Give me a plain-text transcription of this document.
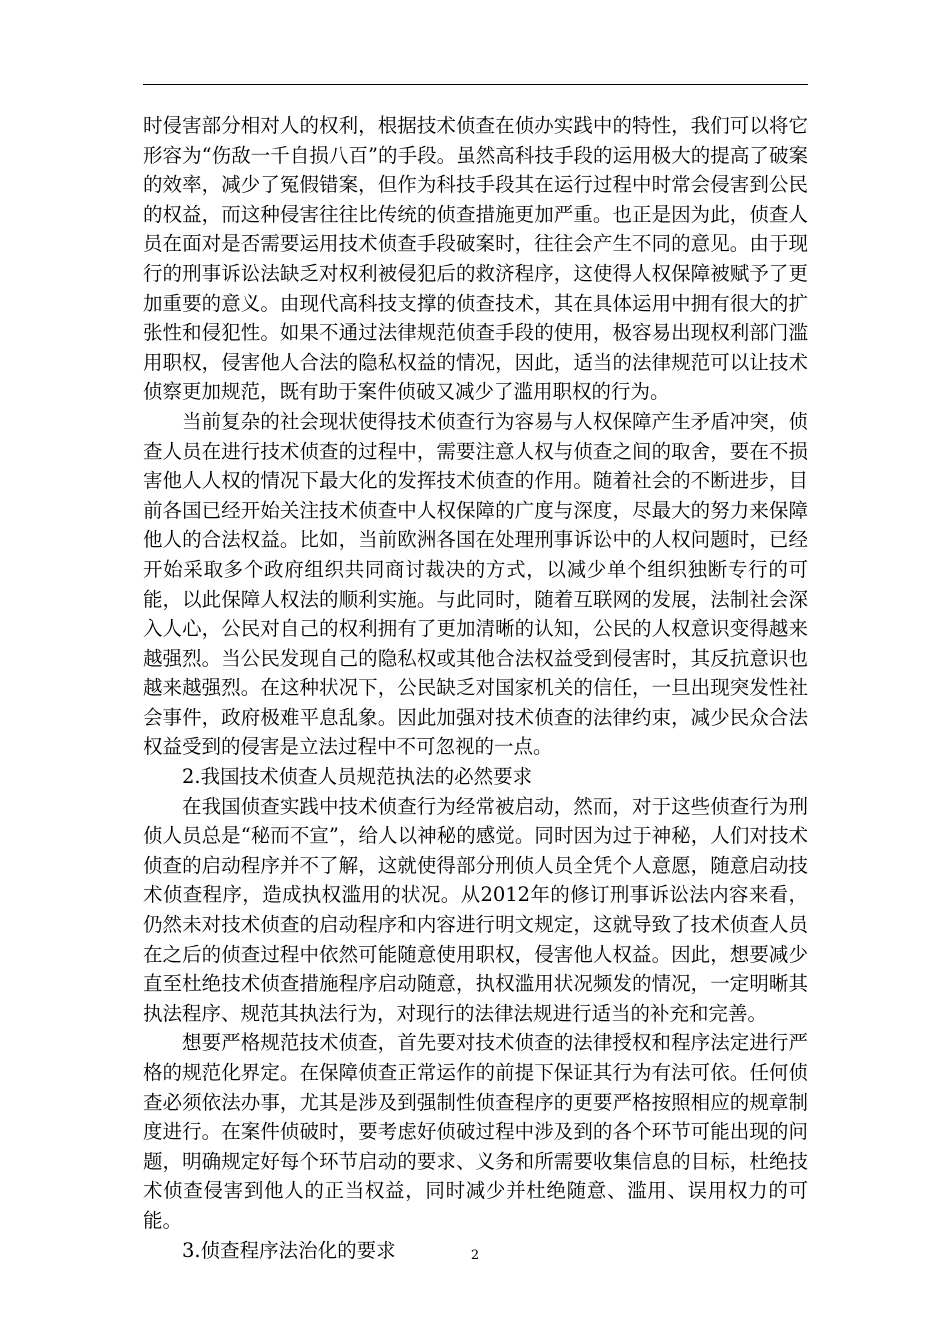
时侵害部分相对人的权利，根据技术侦查在侦办实践中的特性，我们可以将它形容为“伤敌一千自损八百”的手段。虽然高科技手段的运用极大的提高了破案的效率，减少了冤假错案，但作为科技手段其在运行过程中时常会侵害到公民的权益，而这种侵害往往比传统的侦查措施更加严重。也正是因为此，侦查人员在面对是否需要运用技术侦查手段破案时，往往会产生不同的意见。由于现行的刑事诉讼法缺乏对权利被侵犯后的救济程序，这使得人权保障被赋予了更加重要的意义。由现代高科技支撑的侦查技术，其在具体运用中拥有很大的扩张性和侵犯性。如果不通过法律规范侦查手段的使用，极容易出现权利部门滥用职权，侵害他人合法的隐私权益的情况，因此，适当的法律规范可以让技术侦察更加规范，既有助于案件侦破又减少了滥用职权的行为。

当前复杂的社会现状使得技术侦查行为容易与人权保障产生矛盾冲突，侦查人员在进行技术侦查的过程中，需要注意人权与侦查之间的取舍，要在不损害他人人权的情况下最大化的发挥技术侦查的作用。随着社会的不断进步，目前各国已经开始关注技术侦查中人权保障的广度与深度，尽最大的努力来保障他人的合法权益。比如，当前欧洲各国在处理刑事诉讼中的人权问题时，已经开始采取多个政府组织共同商讨裁决的方式，以减少单个组织独断专行的可能，以此保障人权法的顺利实施。与此同时，随着互联网的发展，法制社会深入人心，公民对自己的权利拥有了更加清晰的认知，公民的人权意识变得越来越强烈。当公民发现自己的隐私权或其他合法权益受到侵害时，其反抗意识也越来越强烈。在这种状况下，公民缺乏对国家机关的信任，一旦出现突发性社会事件，政府极难平息乱象。因此加强对技术侦查的法律约束，减少民众合法权益受到的侵害是立法过程中不可忽视的一点。

2.我国技术侦查人员规范执法的必然要求

在我国侦查实践中技术侦查行为经常被启动，然而，对于这些侦查行为刑侦人员总是“秘而不宣”，给人以神秘的感觉。同时因为过于神秘，人们对技术侦查的启动程序并不了解，这就使得部分刑侦人员全凭个人意愿，随意启动技术侦查程序，造成执权滥用的状况。从2012年的修订刑事诉讼法内容来看，仍然未对技术侦查的启动程序和内容进行明文规定，这就导致了技术侦查人员在之后的侦查过程中依然可能随意使用职权，侵害他人权益。因此，想要减少直至杜绝技术侦查措施程序启动随意，执权滥用状况频发的情况，一定明晰其执法程序、规范其执法行为，对现行的法律法规进行适当的补充和完善。

想要严格规范技术侦查，首先要对技术侦查的法律授权和程序法定进行严格的规范化界定。在保障侦查正常运作的前提下保证其行为有法可依。任何侦查必须依法办事，尤其是涉及到强制性侦查程序的更要严格按照相应的规章制度进行。在案件侦破时，要考虑好侦破过程中涉及到的各个环节可能出现的问题，明确规定好每个环节启动的要求、义务和所需要收集信息的目标，杜绝技术侦查侵害到他人的正当权益，同时减少并杜绝随意、滥用、误用权力的可能。

3.侦查程序法治化的要求	2
